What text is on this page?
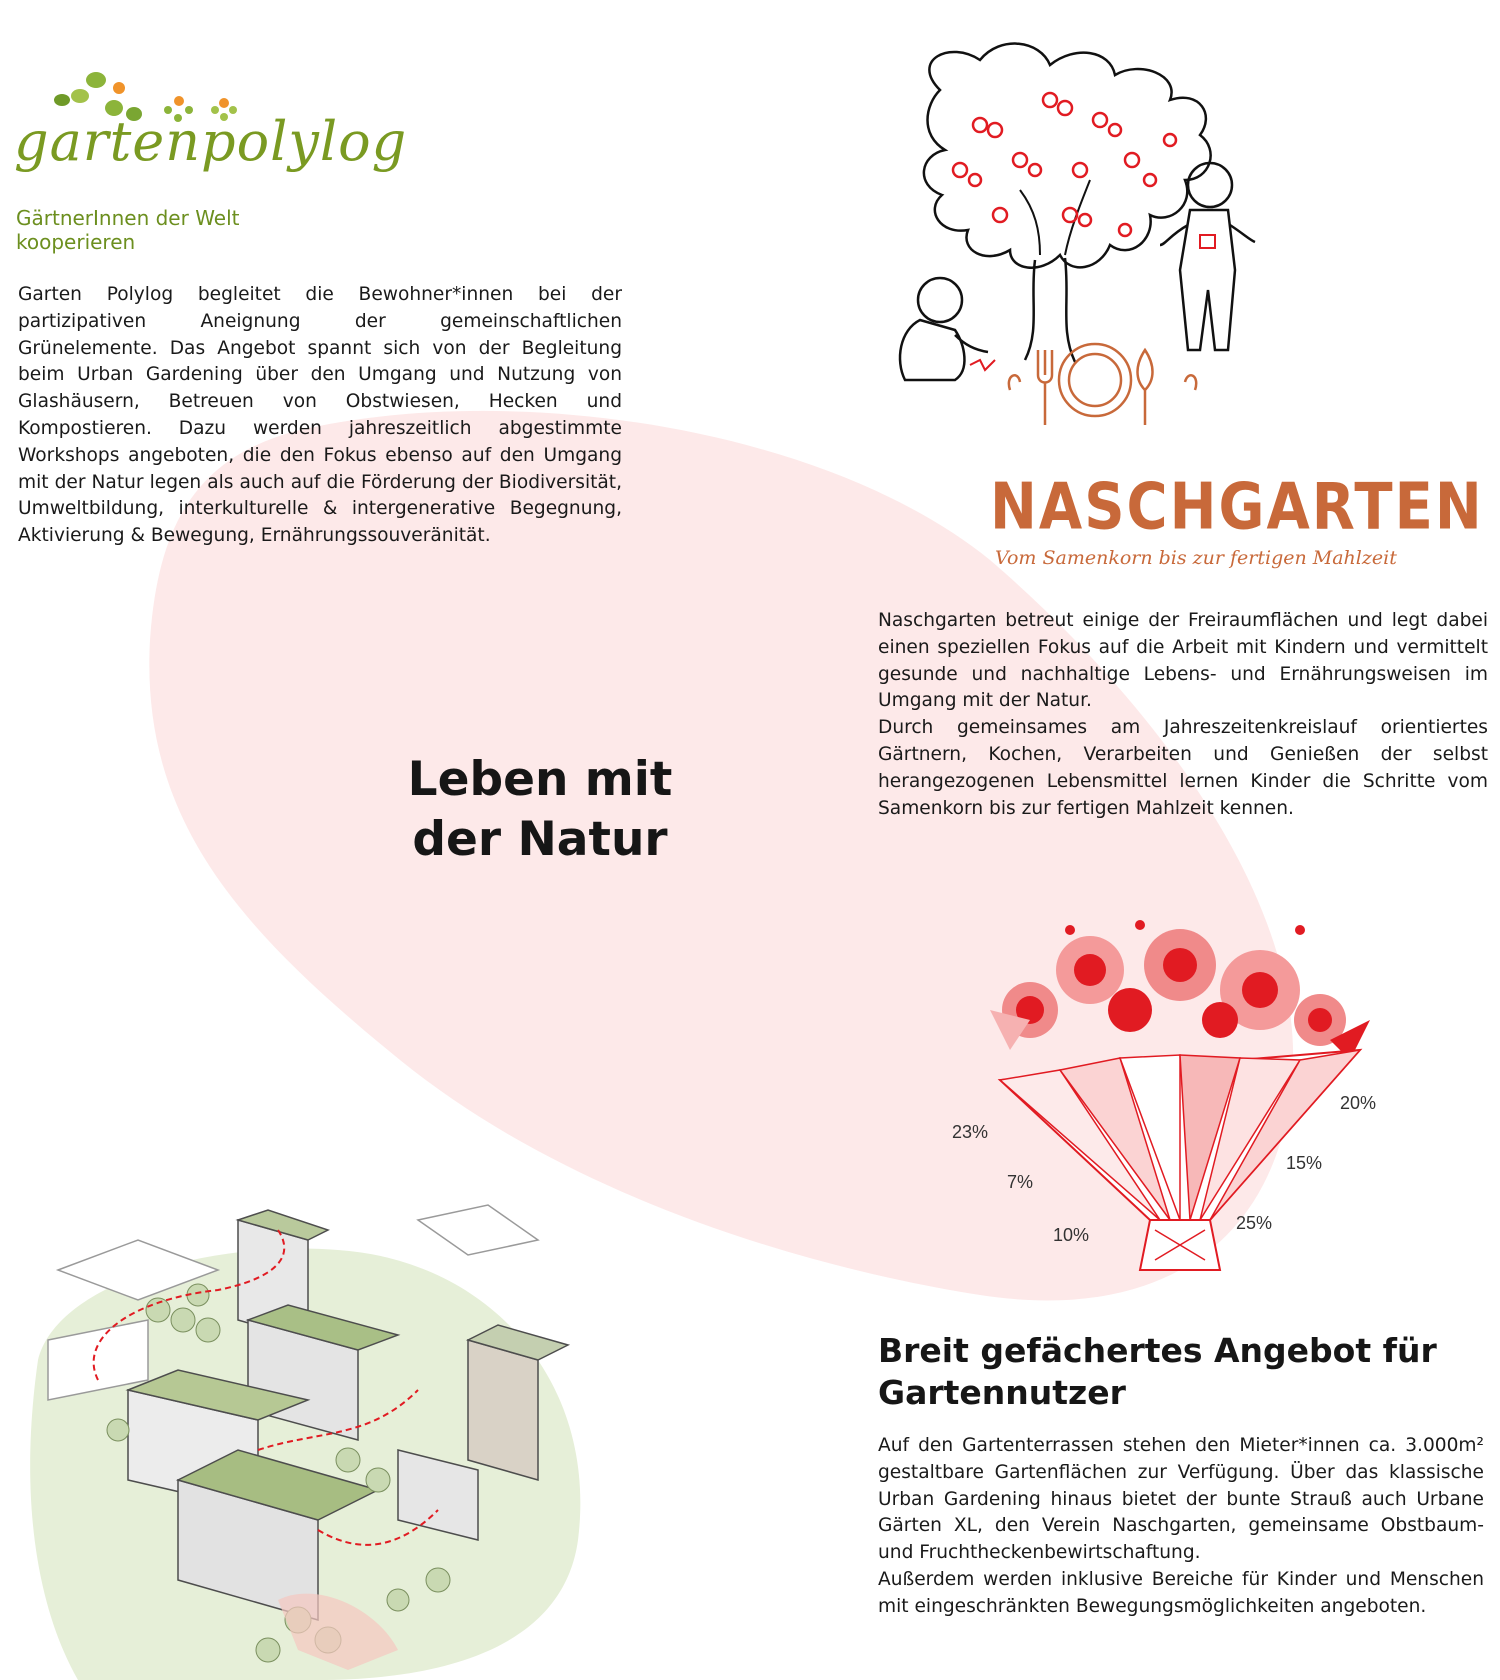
gartenpolylog
GärtnerInnen der Welt kooperieren
Garten Polylog begleitet die Bewohner*innen bei der partizipativen Aneignung der gemeinschaftlichen Grünelemente. Das Angebot spannt sich von der Begleitung beim Urban Gardening über den Umgang und Nutzung von Glashäusern, Betreuen von Obstwiesen, Hecken und Kompostieren. Dazu werden jahreszeitlich abgestimmte Workshops angeboten, die den Fokus ebenso auf den Umgang mit der Natur legen als auch auf die Förderung der Biodiversität, Umweltbildung, interkulturelle & intergenerative Begegnung, Aktivierung & Bewegung, Ernährungssouveränität.
Leben mit
der Natur
NASCHGARTEN
Vom Samenkorn bis zur fertigen Mahlzeit

Naschgarten betreut einige der Freiraumflächen und legt dabei einen speziellen Fokus auf die Arbeit mit Kindern und vermittelt gesunde und nachhaltige Lebens- und Ernährungsweisen im Umgang mit der Natur.

Durch gemeinsames am Jahreszeitenkreislauf orientiertes Gärtnern, Kochen, Verarbeiten und Genießen der selbst herangezogenen Lebensmittel lernen Kinder die Schritte vom Samenkorn bis zur fertigen Mahlzeit kennen.

23%
7%
10%
25%
15%
20%
Breit gefächertes Angebot für
Gartennutzer

Auf den Gartenterrassen stehen den Mieter*innen ca. 3.000m² gestaltbare Gartenflächen zur Verfügung. Über das klassische Urban Gardening hinaus bietet der bunte Strauß auch Urbane Gärten XL, den Verein Naschgarten, gemeinsame Obstbaum- und Fruchtheckenbewirtschaftung.

Außerdem werden inklusive Bereiche für Kinder und Menschen mit eingeschränkten Bewegungsmöglichkeiten angeboten.
